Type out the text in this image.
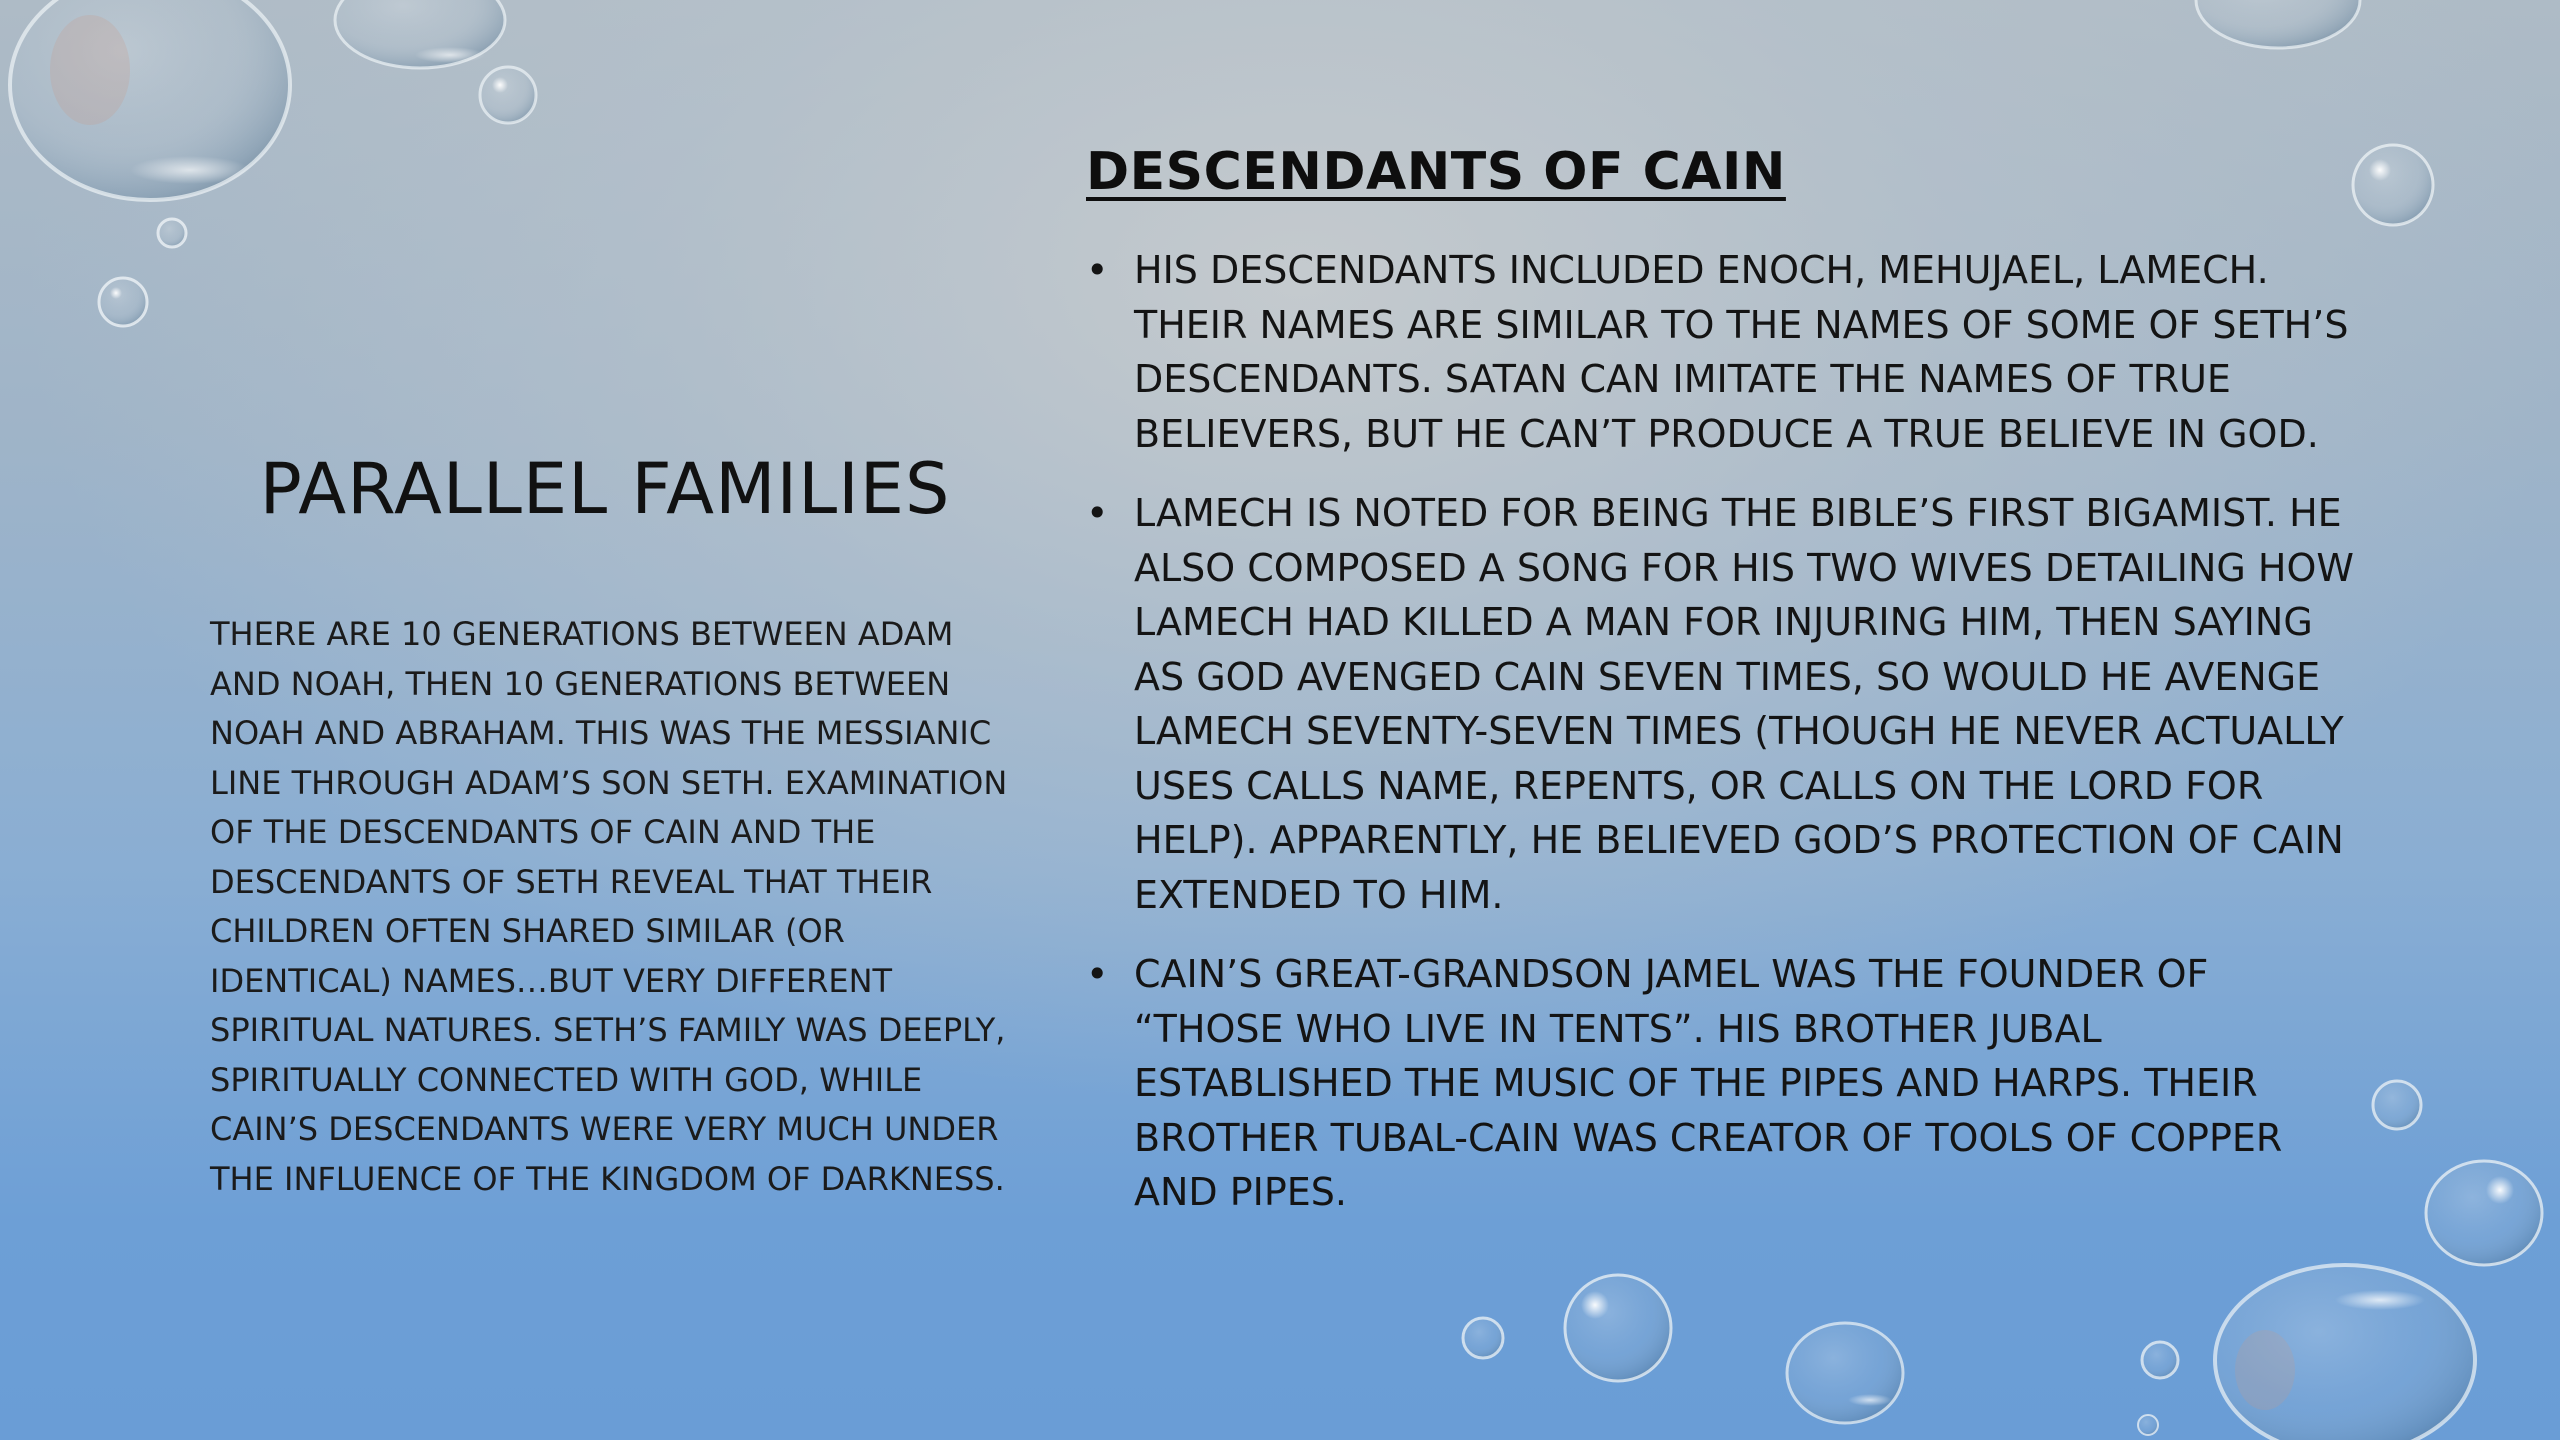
PARALLEL FAMILIES

THERE ARE 10 GENERATIONS BETWEEN ADAM AND NOAH, THEN 10 GENERATIONS BETWEEN NOAH AND ABRAHAM. THIS WAS THE MESSIANIC LINE THROUGH ADAM’S SON SETH. EXAMINATION OF THE DESCENDANTS OF CAIN AND THE DESCENDANTS OF SETH REVEAL THAT THEIR CHILDREN OFTEN SHARED SIMILAR (OR IDENTICAL) NAMES…BUT VERY DIFFERENT SPIRITUAL NATURES. SETH’S FAMILY WAS DEEPLY, SPIRITUALLY CONNECTED WITH GOD, WHILE CAIN’S DESCENDANTS WERE VERY MUCH UNDER THE INFLUENCE OF THE KINGDOM OF DARKNESS.

DESCENDANTS OF CAIN
• HIS DESCENDANTS INCLUDED ENOCH, MEHUJAEL, LAMECH. THEIR NAMES ARE SIMILAR TO THE NAMES OF SOME OF SETH’S DESCENDANTS. SATAN CAN IMITATE THE NAMES OF TRUE BELIEVERS, BUT HE CAN’T PRODUCE A TRUE BELIEVE IN GOD.
• LAMECH IS NOTED FOR BEING THE BIBLE’S FIRST BIGAMIST. HE ALSO COMPOSED A SONG FOR HIS TWO WIVES DETAILING HOW LAMECH HAD KILLED A MAN FOR INJURING HIM, THEN SAYING AS GOD AVENGED CAIN SEVEN TIMES, SO WOULD HE AVENGE LAMECH SEVENTY-SEVEN TIMES (THOUGH HE NEVER ACTUALLY USES CALLS NAME, REPENTS, OR CALLS ON THE LORD FOR HELP). APPARENTLY, HE BELIEVED GOD’S PROTECTION OF CAIN EXTENDED TO HIM.
• CAIN’S GREAT-GRANDSON JAMEL WAS THE FOUNDER OF “THOSE WHO LIVE IN TENTS”. HIS BROTHER JUBAL ESTABLISHED THE MUSIC OF THE PIPES AND HARPS. THEIR BROTHER TUBAL-CAIN WAS CREATOR OF TOOLS OF COPPER AND PIPES.
